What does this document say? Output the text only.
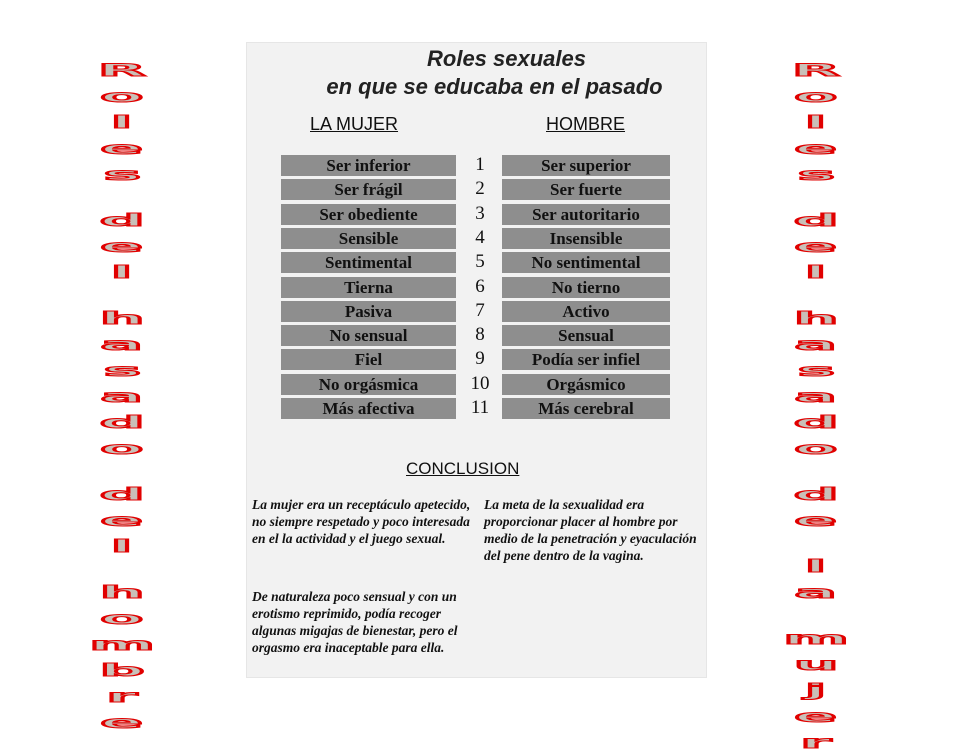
R
o
l
e
s
d
e
l
h
a
s
a
d
o
d
e
l
h
o
m
b
r
e
R
o
l
e
s
d
e
l
h
a
s
a
d
o
d
e
l
a
m
u
j
e
r
Roles sexuales
en que se educaba en el pasado
LA MUJER	HOMBRE
Ser inferior	1	Ser superior
Ser frágil	2	Ser fuerte
Ser obediente	3	Ser autoritario
Sensible	4	Insensible
Sentimental	5	No sentimental
Tierna	6	No tierno
Pasiva	7	Activo
No sensual	8	Sensual
Fiel	9	Podía ser infiel
No orgásmica	10	Orgásmico
Más afectiva	11	Más cerebral
CONCLUSION
La mujer era un receptáculo apetecido, no siempre respetado y poco interesada en el la actividad y el juego sexual.
De naturaleza poco sensual y con un erotismo reprimido, podía recoger algunas migajas de bienestar, pero el orgasmo era inaceptable para ella.
La meta de la sexualidad era proporcionar placer al hombre por medio de la penetración y eyaculación del pene dentro de la vagina.
